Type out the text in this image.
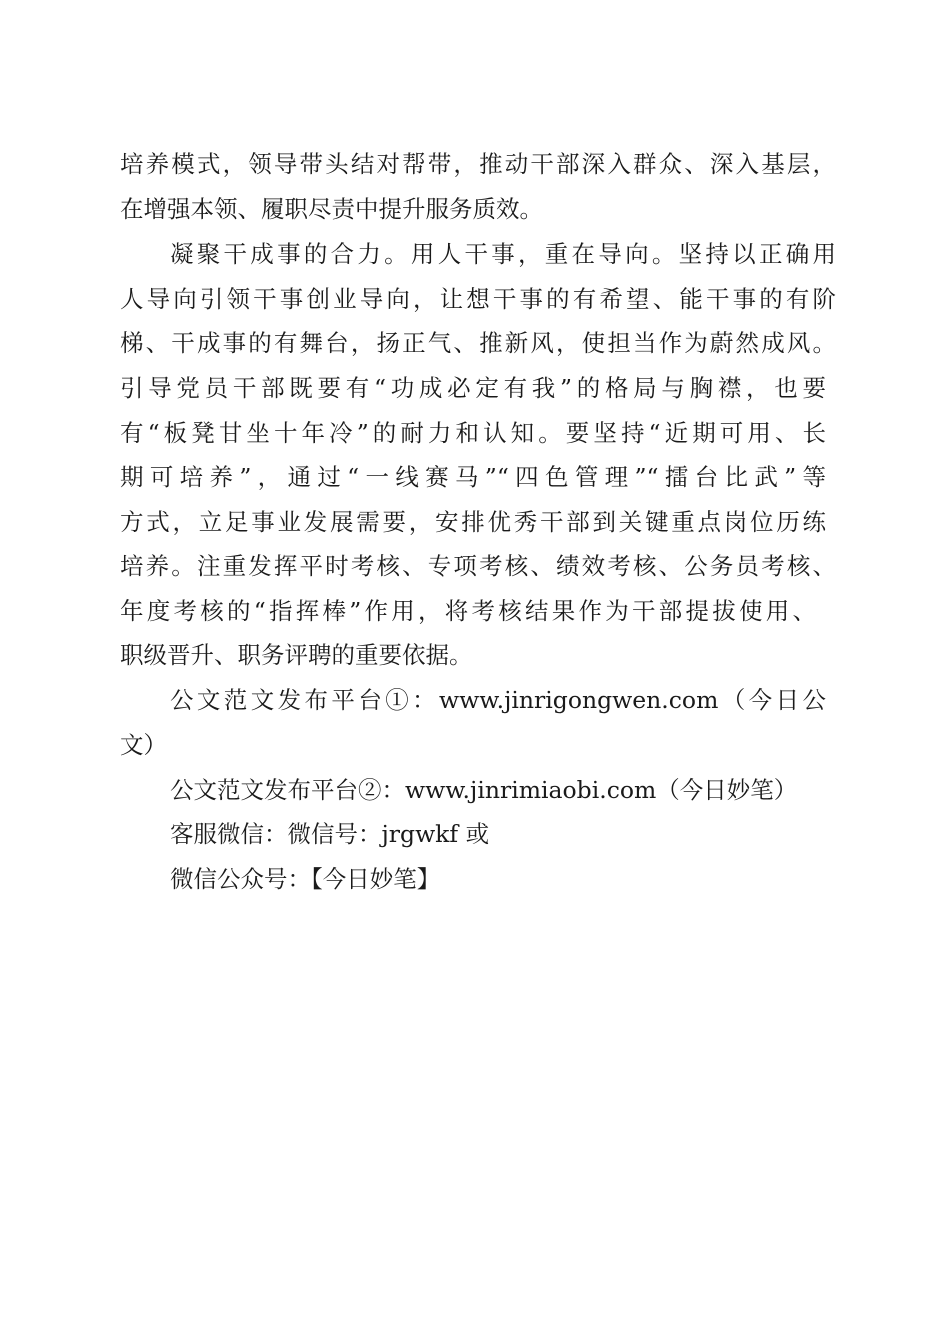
培养模式，领导带头结对帮带，推动干部深入群众、深入基层，
在增强本领、履职尽责中提升服务质效。
凝聚干成事的合力。用人干事，重在导向。坚持以正确用
人导向引领干事创业导向，让想干事的有希望、能干事的有阶
梯、干成事的有舞台，扬正气、推新风，使担当作为蔚然成风。
引导党员干部既要有“功成必定有我”的格局与胸襟，也要
有“板凳甘坐十年冷”的耐力和认知。要坚持“近期可用、长
期可培养”，通过“一线赛马”“四色管理”“擂台比武”等
方式，立足事业发展需要，安排优秀干部到关键重点岗位历练
培养。注重发挥平时考核、专项考核、绩效考核、公务员考核、
年度考核的“指挥棒”作用，将考核结果作为干部提拔使用、
职级晋升、职务评聘的重要依据。
公文范文发布平台①：www.jinrigongwen.com（今日公
文）
公文范文发布平台②：www.jinrimiaobi.com（今日妙笔）
客服微信：微信号：jrgwkf 或
微信公众号：【今日妙笔】
